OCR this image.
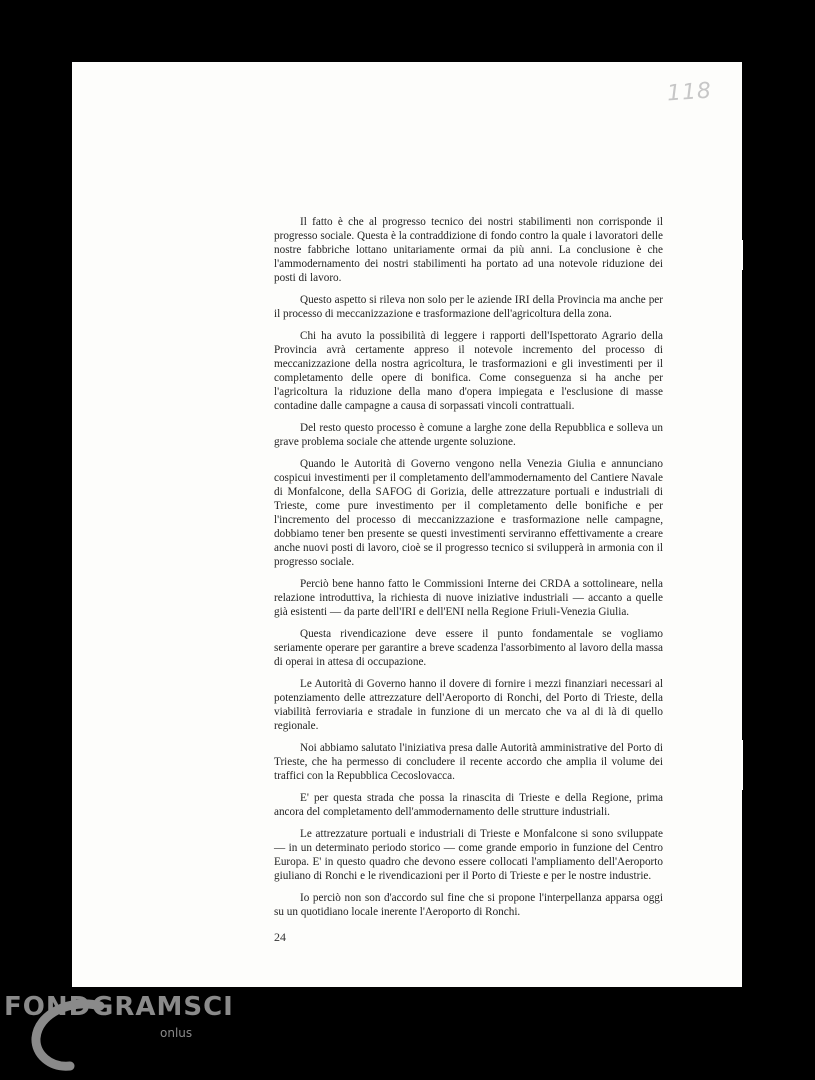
118

Il fatto è che al progresso tecnico dei nostri stabilimenti non corrisponde il progresso sociale. Questa è la contraddizione di fondo contro la quale i lavoratori delle nostre fabbriche lottano unitariamente ormai da più anni. La conclusione è che l'ammodernamento dei nostri stabilimenti ha portato ad una notevole riduzione dei posti di lavoro.

Questo aspetto si rileva non solo per le aziende IRI della Provincia ma anche per il processo di meccanizzazione e trasformazione dell'agricoltura della zona.

Chi ha avuto la possibilità di leggere i rapporti dell'Ispettorato Agrario della Provincia avrà certamente appreso il notevole incremento del processo di meccanizzazione della nostra agricoltura, le trasformazioni e gli investimenti per il completamento delle opere di bonifica. Come conseguenza si ha anche per l'agricoltura la riduzione della mano d'opera impiegata e l'esclusione di masse contadine dalle campagne a causa di sorpassati vincoli contrattuali.

Del resto questo processo è comune a larghe zone della Repubblica e solleva un grave problema sociale che attende urgente soluzione.

Quando le Autorità di Governo vengono nella Venezia Giulia e annunciano cospicui investimenti per il completamento dell'ammodernamento del Cantiere Navale di Monfalcone, della SAFOG di Gorizia, delle attrezzature portuali e industriali di Trieste, come pure investimento per il completamento delle bonifiche e per l'incremento del processo di meccanizzazione e trasformazione nelle campagne, dobbiamo tener ben presente se questi investimenti serviranno effettivamente a creare anche nuovi posti di lavoro, cioè se il progresso tecnico si svilupperà in armonia con il progresso sociale.

Perciò bene hanno fatto le Commissioni Interne dei CRDA a sottolineare, nella relazione introduttiva, la richiesta di nuove iniziative industriali — accanto a quelle già esistenti — da parte dell'IRI e dell'ENI nella Regione Friuli-Venezia Giulia.

Questa rivendicazione deve essere il punto fondamentale se vogliamo seriamente operare per garantire a breve scadenza l'assorbimento al lavoro della massa di operai in attesa di occupazione.

Le Autorità di Governo hanno il dovere di fornire i mezzi finanziari necessari al potenziamento delle attrezzature dell'Aeroporto di Ronchi, del Porto di Trieste, della viabilità ferroviaria e stradale in funzione di un mercato che va al di là di quello regionale.

Noi abbiamo salutato l'iniziativa presa dalle Autorità amministrative del Porto di Trieste, che ha permesso di concludere il recente accordo che amplia il volume dei traffici con la Repubblica Cecoslovacca.

E' per questa strada che possa la rinascita di Trieste e della Regione, prima ancora del completamento dell'ammodernamento delle strutture industriali.

Le attrezzature portuali e industriali di Trieste e Monfalcone si sono sviluppate — in un determinato periodo storico — come grande emporio in funzione del Centro Europa. E' in questo quadro che devono essere collocati l'ampliamento dell'Aeroporto giuliano di Ronchi e le rivendicazioni per il Porto di Trieste e per le nostre industrie.

Io perciò non son d'accordo sul fine che si propone l'interpellanza apparsa oggi su un quotidiano locale inerente l'Aeroporto di Ronchi.

24
FOND GRAMSCI
onlus
